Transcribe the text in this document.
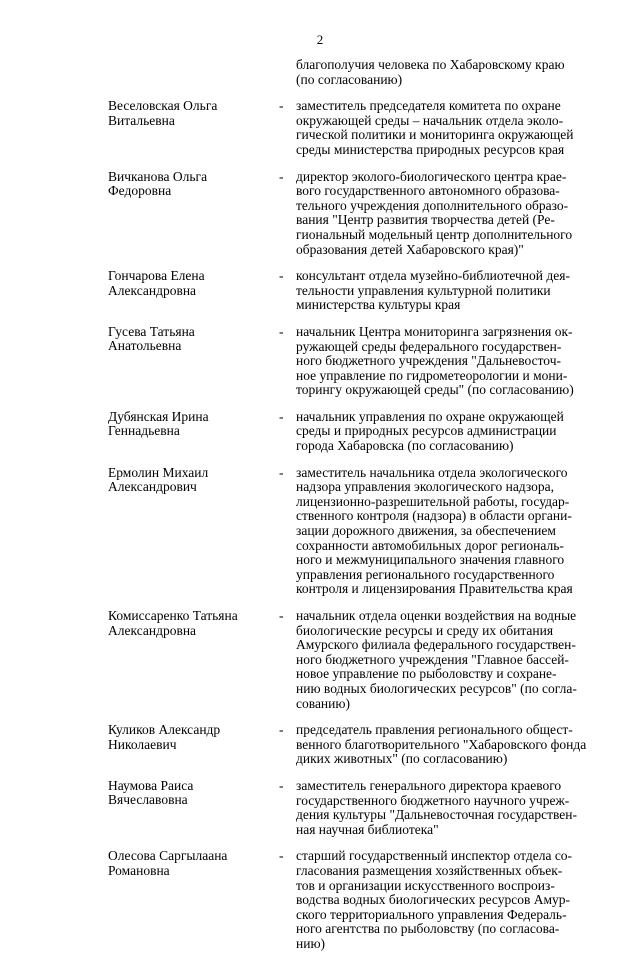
2
благополучия человека по Хабаровскому краю
(по согласованию)
Веселовская Ольга
Витальевна
- заместитель председателя комитета по охране
окружающей среды – начальник отдела эколо-
гической политики и мониторинга окружающей
среды министерства природных ресурсов края
Вичканова Ольга
Федоровна
- директор эколого-биологического центра крае-
вого государственного автономного образова-
тельного учреждения дополнительного образо-
вания "Центр развития творчества детей (Ре-
гиональный модельный центр дополнительного
образования детей Хабаровского края)"
Гончарова Елена
Александровна
- консультант отдела музейно-библиотечной дея-
тельности управления культурной политики
министерства культуры края
Гусева Татьяна
Анатольевна
- начальник Центра мониторинга загрязнения ок-
ружающей среды федерального государствен-
ного бюджетного учреждения "Дальневосточ-
ное управление по гидрометеорологии и мони-
торингу окружающей среды" (по согласованию)
Дубянская Ирина
Геннадьевна
- начальник управления по охране окружающей
среды и природных ресурсов администрации
города Хабаровска (по согласованию)
Ермолин Михаил
Александрович
- заместитель начальника отдела экологического
надзора управления экологического надзора,
лицензионно-разрешительной работы, государ-
ственного контроля (надзора) в области органи-
зации дорожного движения, за обеспечением
сохранности автомобильных дорог региональ-
ного и межмуниципального значения главного
управления регионального государственного
контроля и лицензирования Правительства края
Комиссаренко Татьяна
Александровна
- начальник отдела оценки воздействия на водные
биологические ресурсы и среду их обитания
Амурского филиала федерального государствен-
ного бюджетного учреждения "Главное бассей-
новое управление по рыболовству и сохране-
нию водных биологических ресурсов" (по согла-
сованию)
Куликов Александр
Николаевич
- председатель правления регионального общест-
венного благотворительного "Хабаровского фонда
диких животных" (по согласованию)
Наумова Раиса
Вячеславовна
- заместитель генерального директора краевого
государственного бюджетного научного учреж-
дения культуры "Дальневосточная государствен-
ная научная библиотека"
Олесова Саргылаана
Романовна
- старший государственный инспектор отдела со-
гласования размещения хозяйственных объек-
тов и организации искусственного воспроиз-
водства водных биологических ресурсов Амур-
ского территориального управления Федераль-
ного агентства по рыболовству (по согласова-
нию)
